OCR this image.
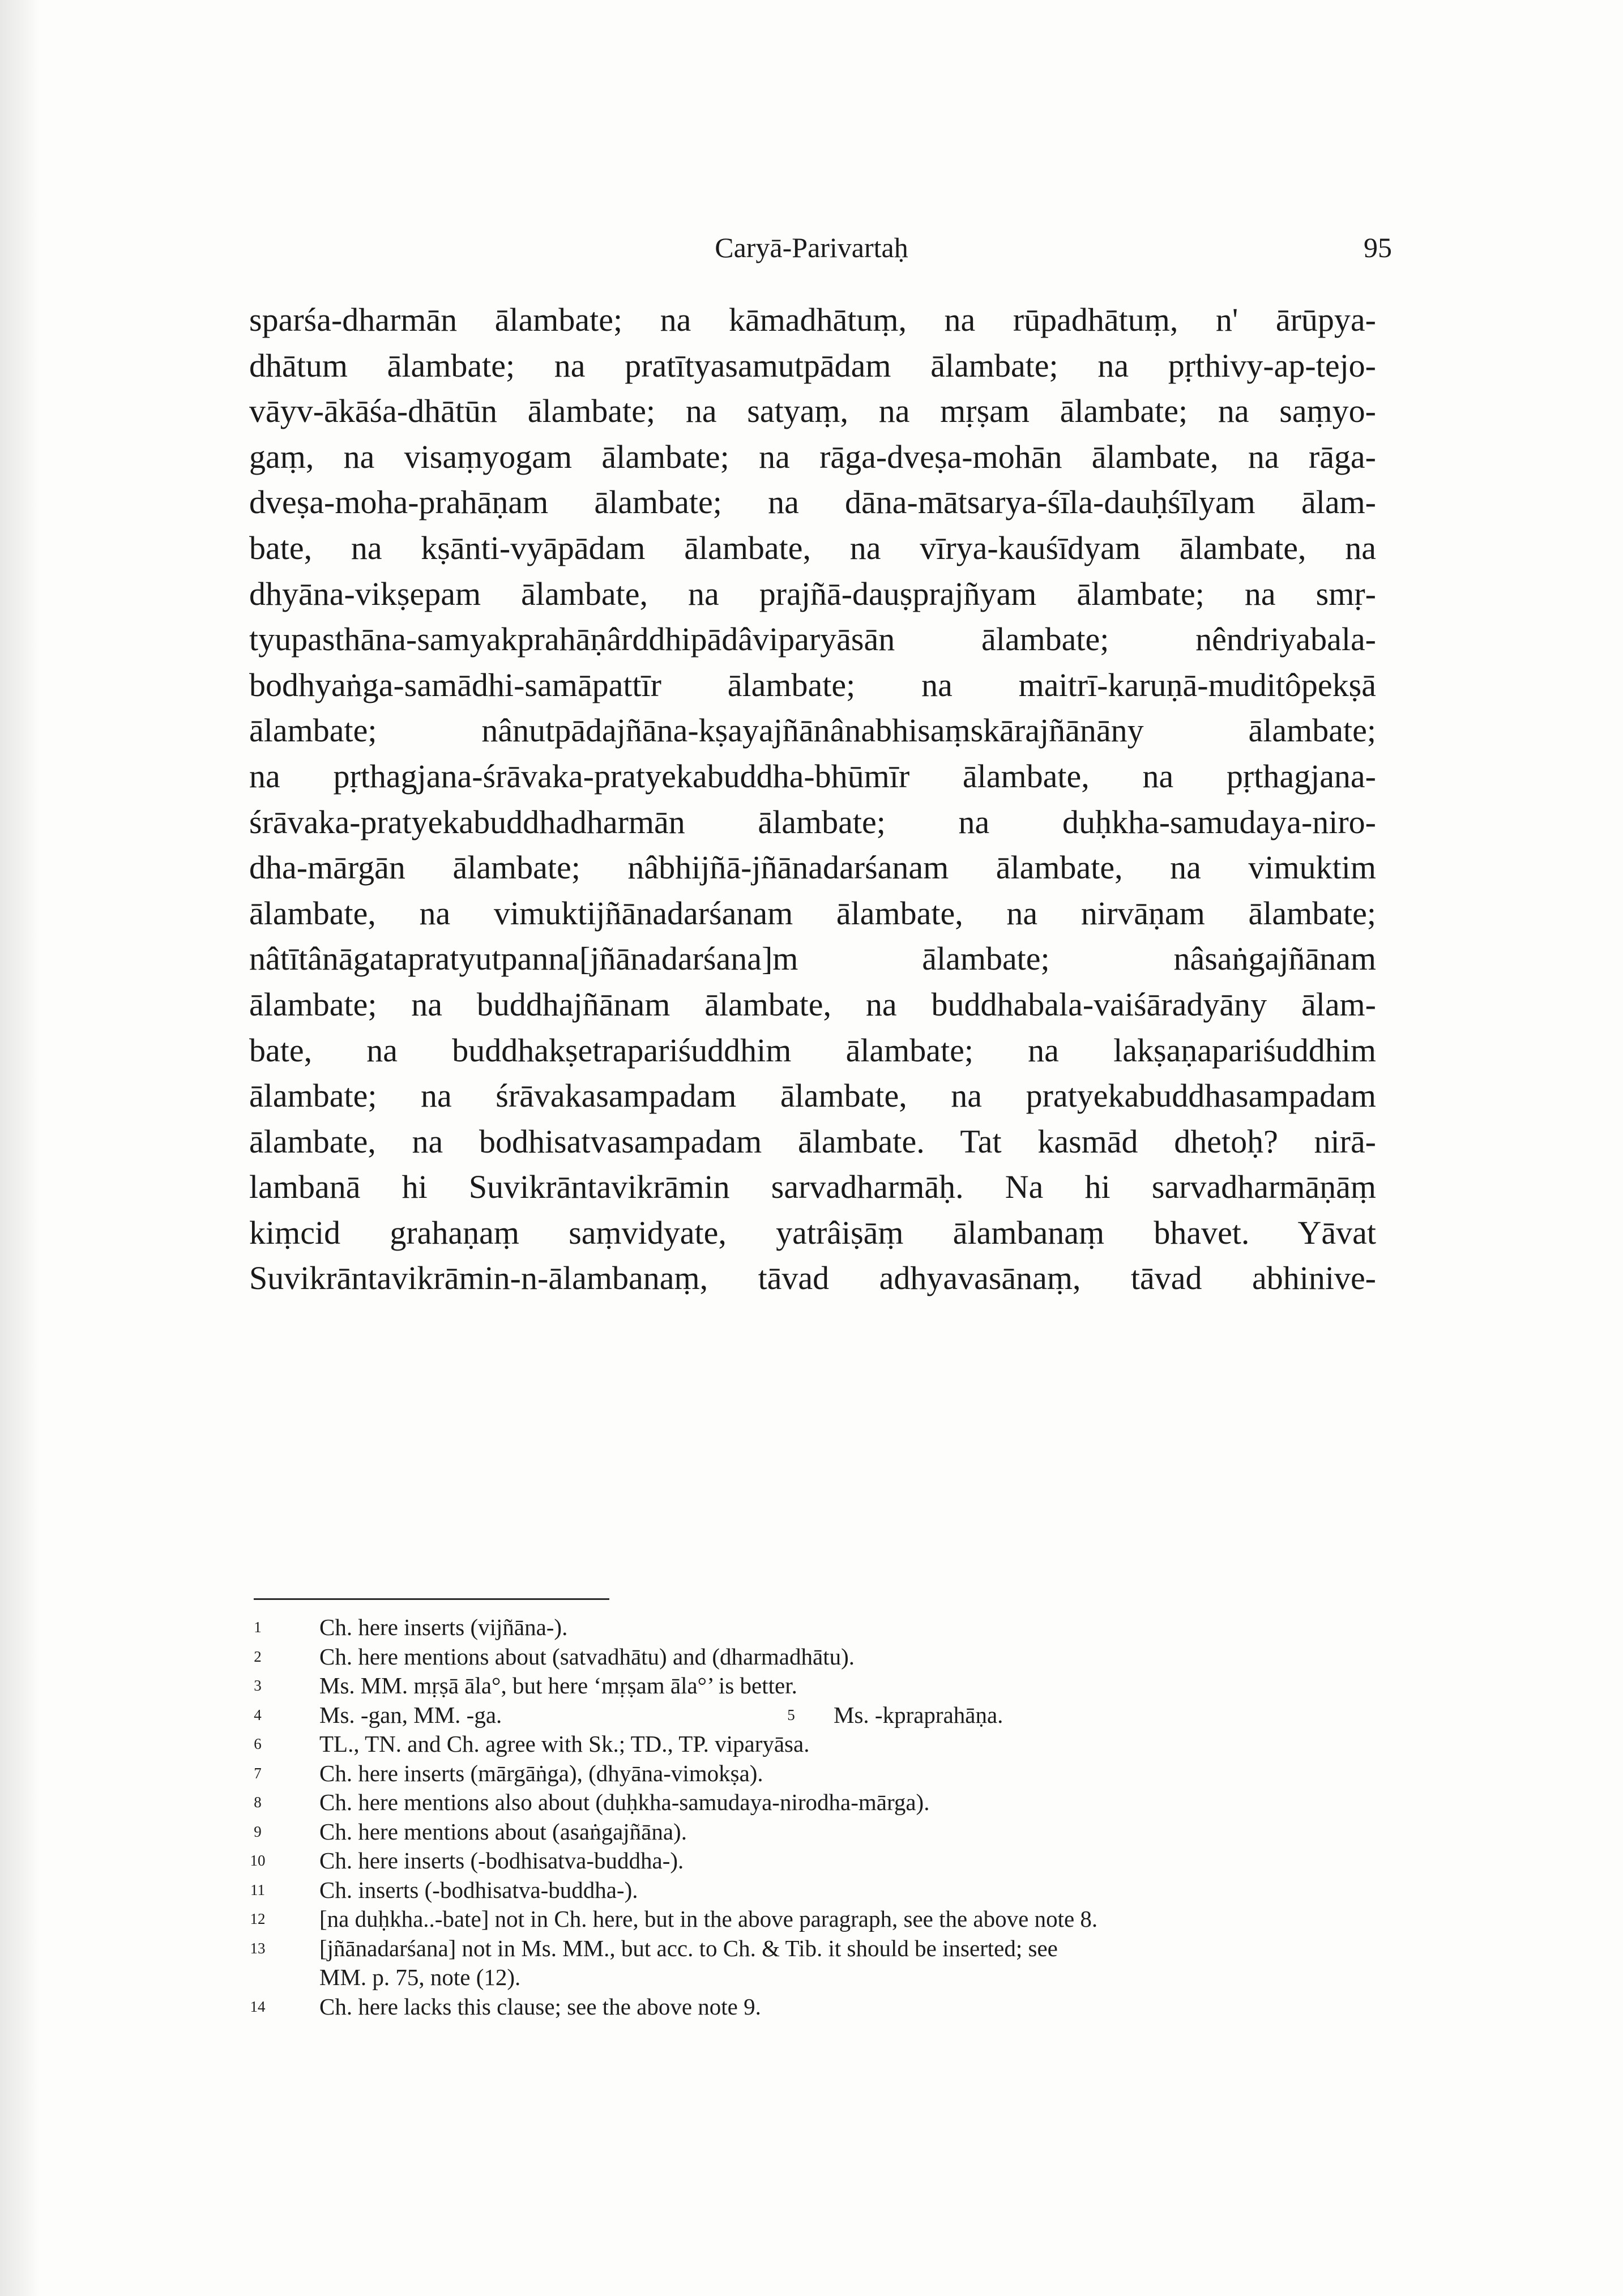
Caryā-Parivartaḥ	95
sparśa-dharmān ālambate; na kāmadhātuṃ, na rūpadhātuṃ, n' ārūpya-
dhātum ālambate; na pratītyasamutpādam ālambate; na pṛthivy-ap-tejo-
vāyv-ākāśa-dhātūn ālambate; na satyaṃ, na mṛṣam ālambate; na saṃyo-
gaṃ, na visaṃyogam ālambate; na rāga-dveṣa-mohān ālambate, na rāga-
dveṣa-moha-prahāṇam ālambate; na dāna-mātsarya-śīla-dauḥśīlyam ālam-
bate, na kṣānti-vyāpādam ālambate, na vīrya-kauśīdyam ālambate, na
dhyāna-vikṣepam ālambate, na prajñā-dauṣprajñyam ālambate; na smṛ-
tyupasthāna-samyakprahāṇârddhipādâviparyāsān ālambate; nêndriyabala-
bodhyaṅga-samādhi-samāpattīr ālambate; na maitrī-karuṇā-muditôpekṣā
ālambate; nânutpādajñāna-kṣayajñānânabhisaṃskārajñānāny ālambate;
na pṛthagjana-śrāvaka-pratyekabuddha-bhūmīr ālambate, na pṛthagjana-
śrāvaka-pratyekabuddhadharmān ālambate; na duḥkha-samudaya-niro-
dha-mārgān ālambate; nâbhijñā-jñānadarśanam ālambate, na vimuktim
ālambate, na vimuktijñānadarśanam ālambate, na nirvāṇam ālambate;
nâtītânāgatapratyutpanna[jñānadarśana]m ālambate; nâsaṅgajñānam
ālambate; na buddhajñānam ālambate, na buddhabala-vaiśāradyāny ālam-
bate, na buddhakṣetrapariśuddhim ālambate; na lakṣaṇapariśuddhim
ālambate; na śrāvakasampadam ālambate, na pratyekabuddhasampadam
ālambate, na bodhisatvasampadam ālambate. Tat kasmād dhetoḥ? nirā-
lambanā hi Suvikrāntavikrāmin sarvadharmāḥ. Na hi sarvadharmāṇāṃ
kiṃcid grahaṇaṃ saṃvidyate, yatrâiṣāṃ ālambanaṃ bhavet. Yāvat
Suvikrāntavikrāmin-n-ālambanaṃ, tāvad adhyavasānaṃ, tāvad abhinive-
1 Ch. here inserts (vijñāna-).
2 Ch. here mentions about (satvadhātu) and (dharmadhātu).
3 Ms. MM. mṛṣā āla°, but here ‘mṛṣam āla°’ is better.
4 Ms. -gan, MM. -ga.	5 Ms. -kpraprahāṇa.
6 TL., TN. and Ch. agree with Sk.; TD., TP. viparyāsa.
7 Ch. here inserts (mārgāṅga), (dhyāna-vimokṣa).
8 Ch. here mentions also about (duḥkha-samudaya-nirodha-mārga).
9 Ch. here mentions about (asaṅgajñāna).
10 Ch. here inserts (-bodhisatva-buddha-).
11 Ch. inserts (-bodhisatva-buddha-).
12 [na duḥkha..-bate] not in Ch. here, but in the above paragraph, see the above note 8.
13 [jñānadarśana] not in Ms. MM., but acc. to Ch. & Tib. it should be inserted; see
MM. p. 75, note (12).
14 Ch. here lacks this clause; see the above note 9.
